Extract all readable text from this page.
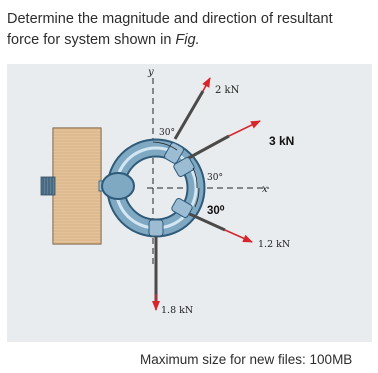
Determine the magnitude and direction of resultant
force for system shown in Fig.
y
x
30°
30°
30⁰
2 kN
3 kN
1.2 kN
1.8 kN
Maximum size for new files: 100MB
